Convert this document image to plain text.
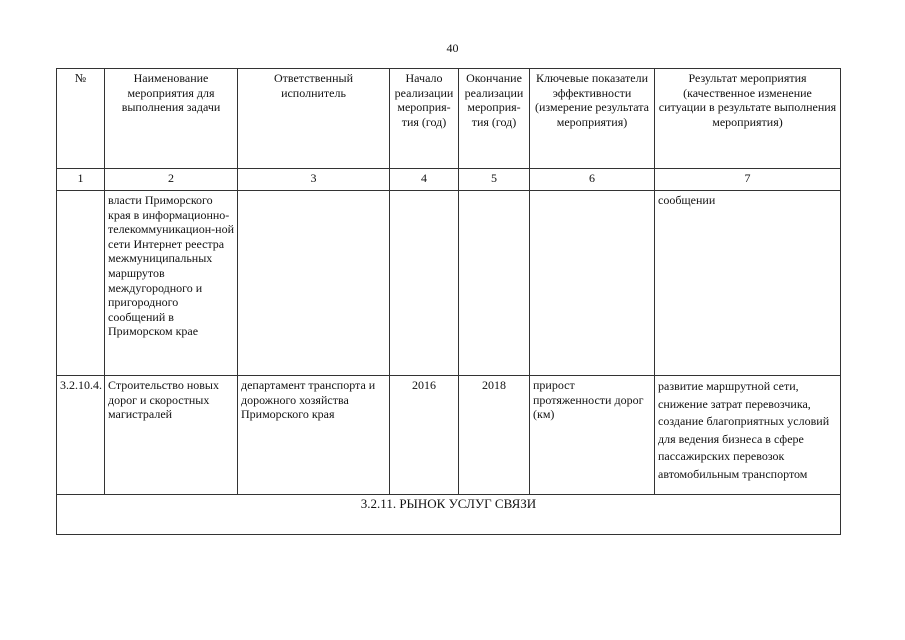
40
№	Наименование мероприятия для выполнения задачи	Ответственный исполнитель	Начало реализации мероприя-тия (год)	Окончание реализации мероприя-тия (год)	Ключевые показатели эффективности (измерение результата мероприятия)	Результат мероприятия (качественное изменение ситуации в результате выполнения мероприятия)
1	2	3	4	5	6	7
	власти Приморского края в информационно-телекоммуникацион-ной сети Интернет реестра межмуниципальных маршрутов междугородного и пригородного сообщений в Приморском крае					сообщении
3.2.10.4.	Строительство новых дорог и скоростных магистралей	департамент транспорта и дорожного хозяйства Приморского края	2016	2018	прирост протяженности дорог (км)	развитие маршрутной сети, снижение затрат перевозчика, создание благоприятных условий для ведения бизнеса в сфере пассажирских перевозок автомобильным транспортом
3.2.11. РЫНОК УСЛУГ СВЯЗИ						
